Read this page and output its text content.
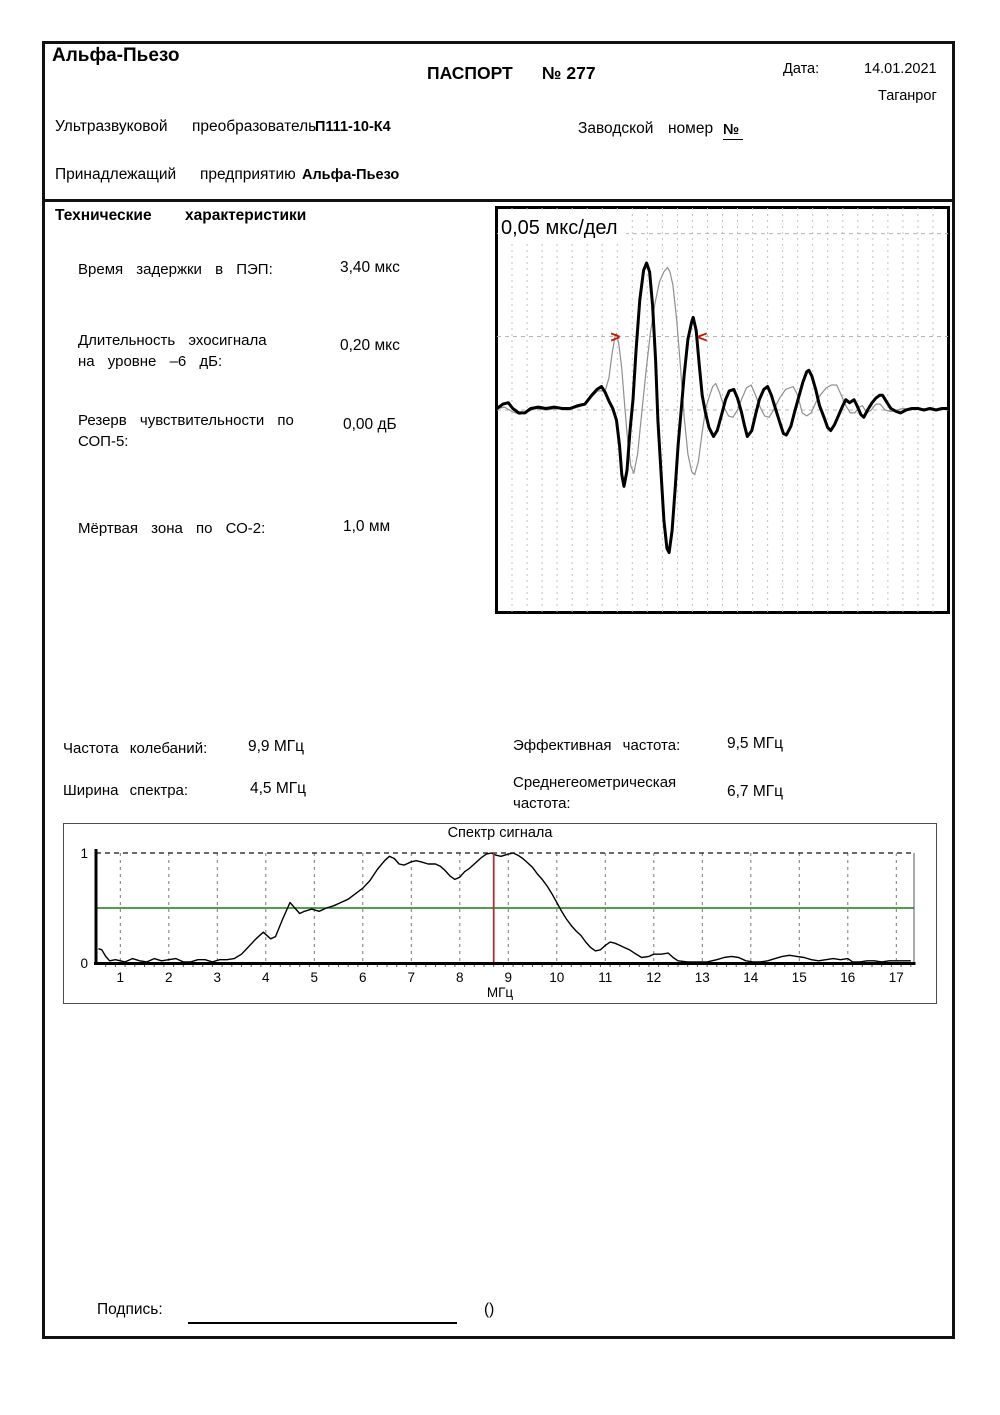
Альфа-Пьезо
ПАСПОРТ № 277	Дата:	14.01.2021
Таганрог
Ультразвуковой преобразователь
П111-10-К4	Заводской номер №
Принадлежащий предприятию Альфа-Пьезо
Технические характеристики
Время задержки в ПЭП:	3,40 мкс
Длительность эхосигнала
на уровне –6 дБ:
0,20 мкс
Резерв чувствительности по
СОП-5:
0,00 дБ
Мёртвая зона по СО-2:	1,0 мм
0,05 мкс/дел
>	<
Частота колебаний:	9,9 МГц
Ширина спектра:	4,5 МГц
Эффективная частота:	9,5 МГц
Среднегеометрическая
частота:
6,7 МГц
Спектр сигнала
1	2	3	4	5	6	7	8	9	10	11	12 13 14 15 16 17
0
1
МГц
Подпись:	()
